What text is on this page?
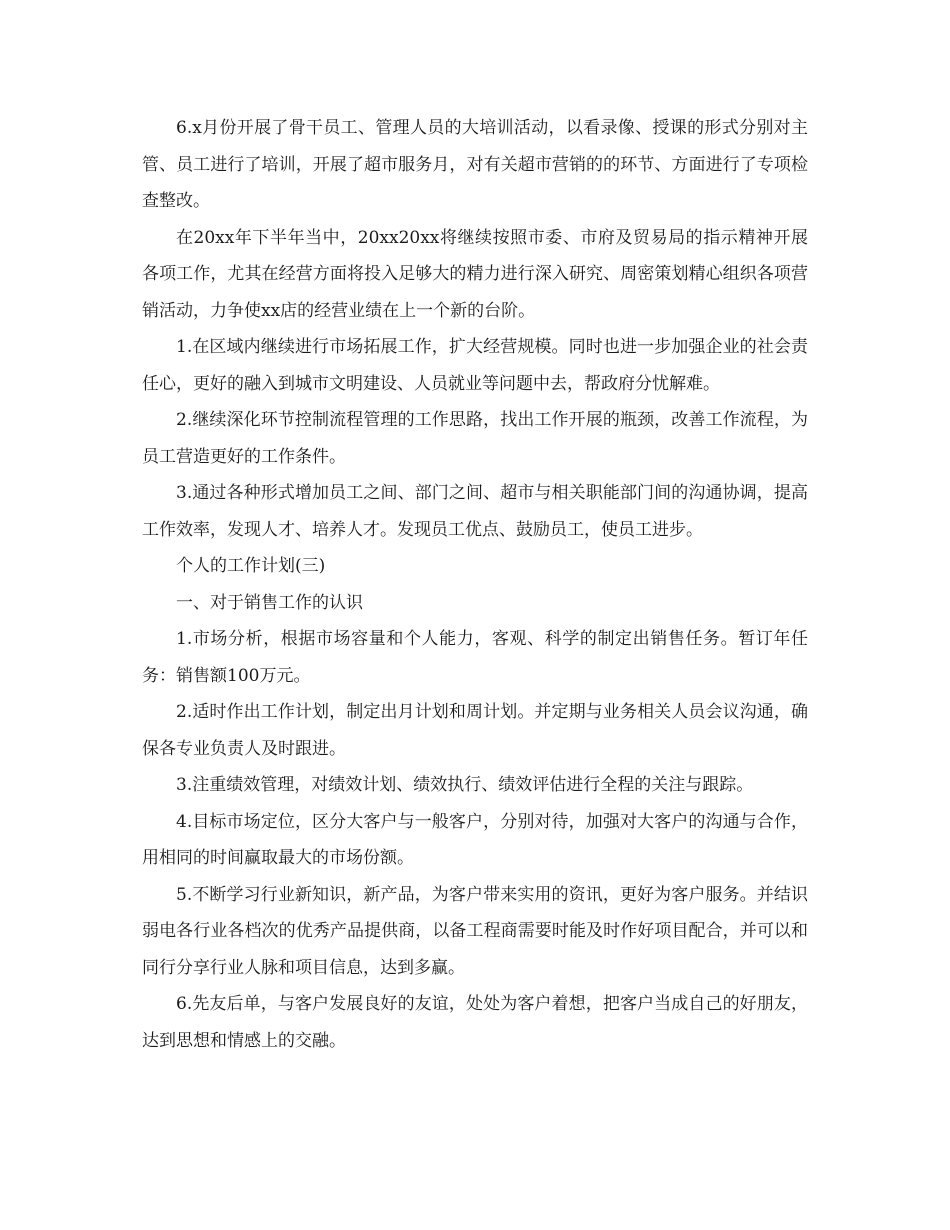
6.x月份开展了骨干员工、管理人员的大培训活动，以看录像、授课的形式分别对主管、员工进行了培训，开展了超市服务月，对有关超市营销的的环节、方面进行了专项检查整改。

在20xx年下半年当中，20xx20xx将继续按照市委、市府及贸易局的指示精神开展各项工作，尤其在经营方面将投入足够大的精力进行深入研究、周密策划精心组织各项营销活动，力争使xx店的经营业绩在上一个新的台阶。

1.在区域内继续进行市场拓展工作，扩大经营规模。同时也进一步加强企业的社会责任心，更好的融入到城市文明建设、人员就业等问题中去，帮政府分忧解难。

2.继续深化环节控制流程管理的工作思路，找出工作开展的瓶颈，改善工作流程，为员工营造更好的工作条件。

3.通过各种形式增加员工之间、部门之间、超市与相关职能部门间的沟通协调，提高工作效率，发现人才、培养人才。发现员工优点、鼓励员工，使员工进步。

个人的工作计划(三)

一、对于销售工作的认识

1.市场分析，根据市场容量和个人能力，客观、科学的制定出销售任务。暂订年任务：销售额100万元。

2.适时作出工作计划，制定出月计划和周计划。并定期与业务相关人员会议沟通，确保各专业负责人及时跟进。

3.注重绩效管理，对绩效计划、绩效执行、绩效评估进行全程的关注与跟踪。

4.目标市场定位，区分大客户与一般客户，分别对待，加强对大客户的沟通与合作，用相同的时间赢取最大的市场份额。

5.不断学习行业新知识，新产品，为客户带来实用的资讯，更好为客户服务。并结识弱电各行业各档次的优秀产品提供商，以备工程商需要时能及时作好项目配合，并可以和同行分享行业人脉和项目信息，达到多赢。

6.先友后单，与客户发展良好的友谊，处处为客户着想，把客户当成自己的好朋友，达到思想和情感上的交融。
